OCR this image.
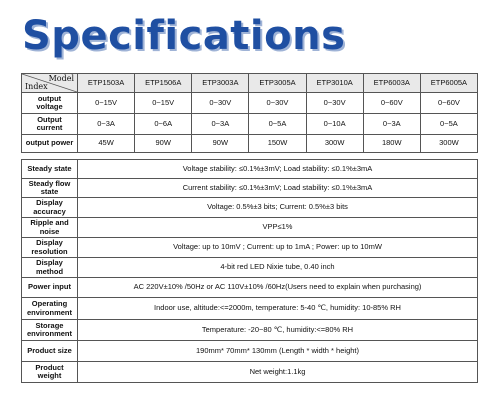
Specifications
Model
Index	ETP1503A	ETP1506A	ETP3003A	ETP3005A	ETP3010A	ETP6003A	ETP6005A
output voltage	0~15V	0~15V	0~30V	0~30V	0~30V	0~60V	0~60V
Output current	0~3A	0~6A	0~3A	0~5A	0~10A	0~3A	0~5A
output power	45W	90W	90W	150W	300W	180W	300W

Steady state	Voltage stability: ≤0.1%±3mV; Load stability: ≤0.1%±3mA						
Steady flow state	Current stability: ≤0.1%±3mV; Load stability: ≤0.1%±3mA						
Display accuracy	Voltage: 0.5%±3 bits; Current: 0.5%±3 bits						
Ripple and noise	VPP≤1%						
Display resolution	Voltage: up to 10mV ; Current: up to 1mA ; Power: up to 10mW						
Display method	4-bit red LED Nixie tube, 0.40 inch						
Power input	AC 220V±10% /50Hz or AC 110V±10% /60Hz(Users need to explain when purchasing)						
Operating environment	Indoor use, altitude:<=2000m, temperature: 5-40 ℃, humidity: 10-85% RH						
Storage environment	Temperature: -20~80 ℃, humidity:<=80% RH						
Product size	190mm* 70mm* 130mm (Length * width * height)						
Product weight	Net weight:1.1kg						
